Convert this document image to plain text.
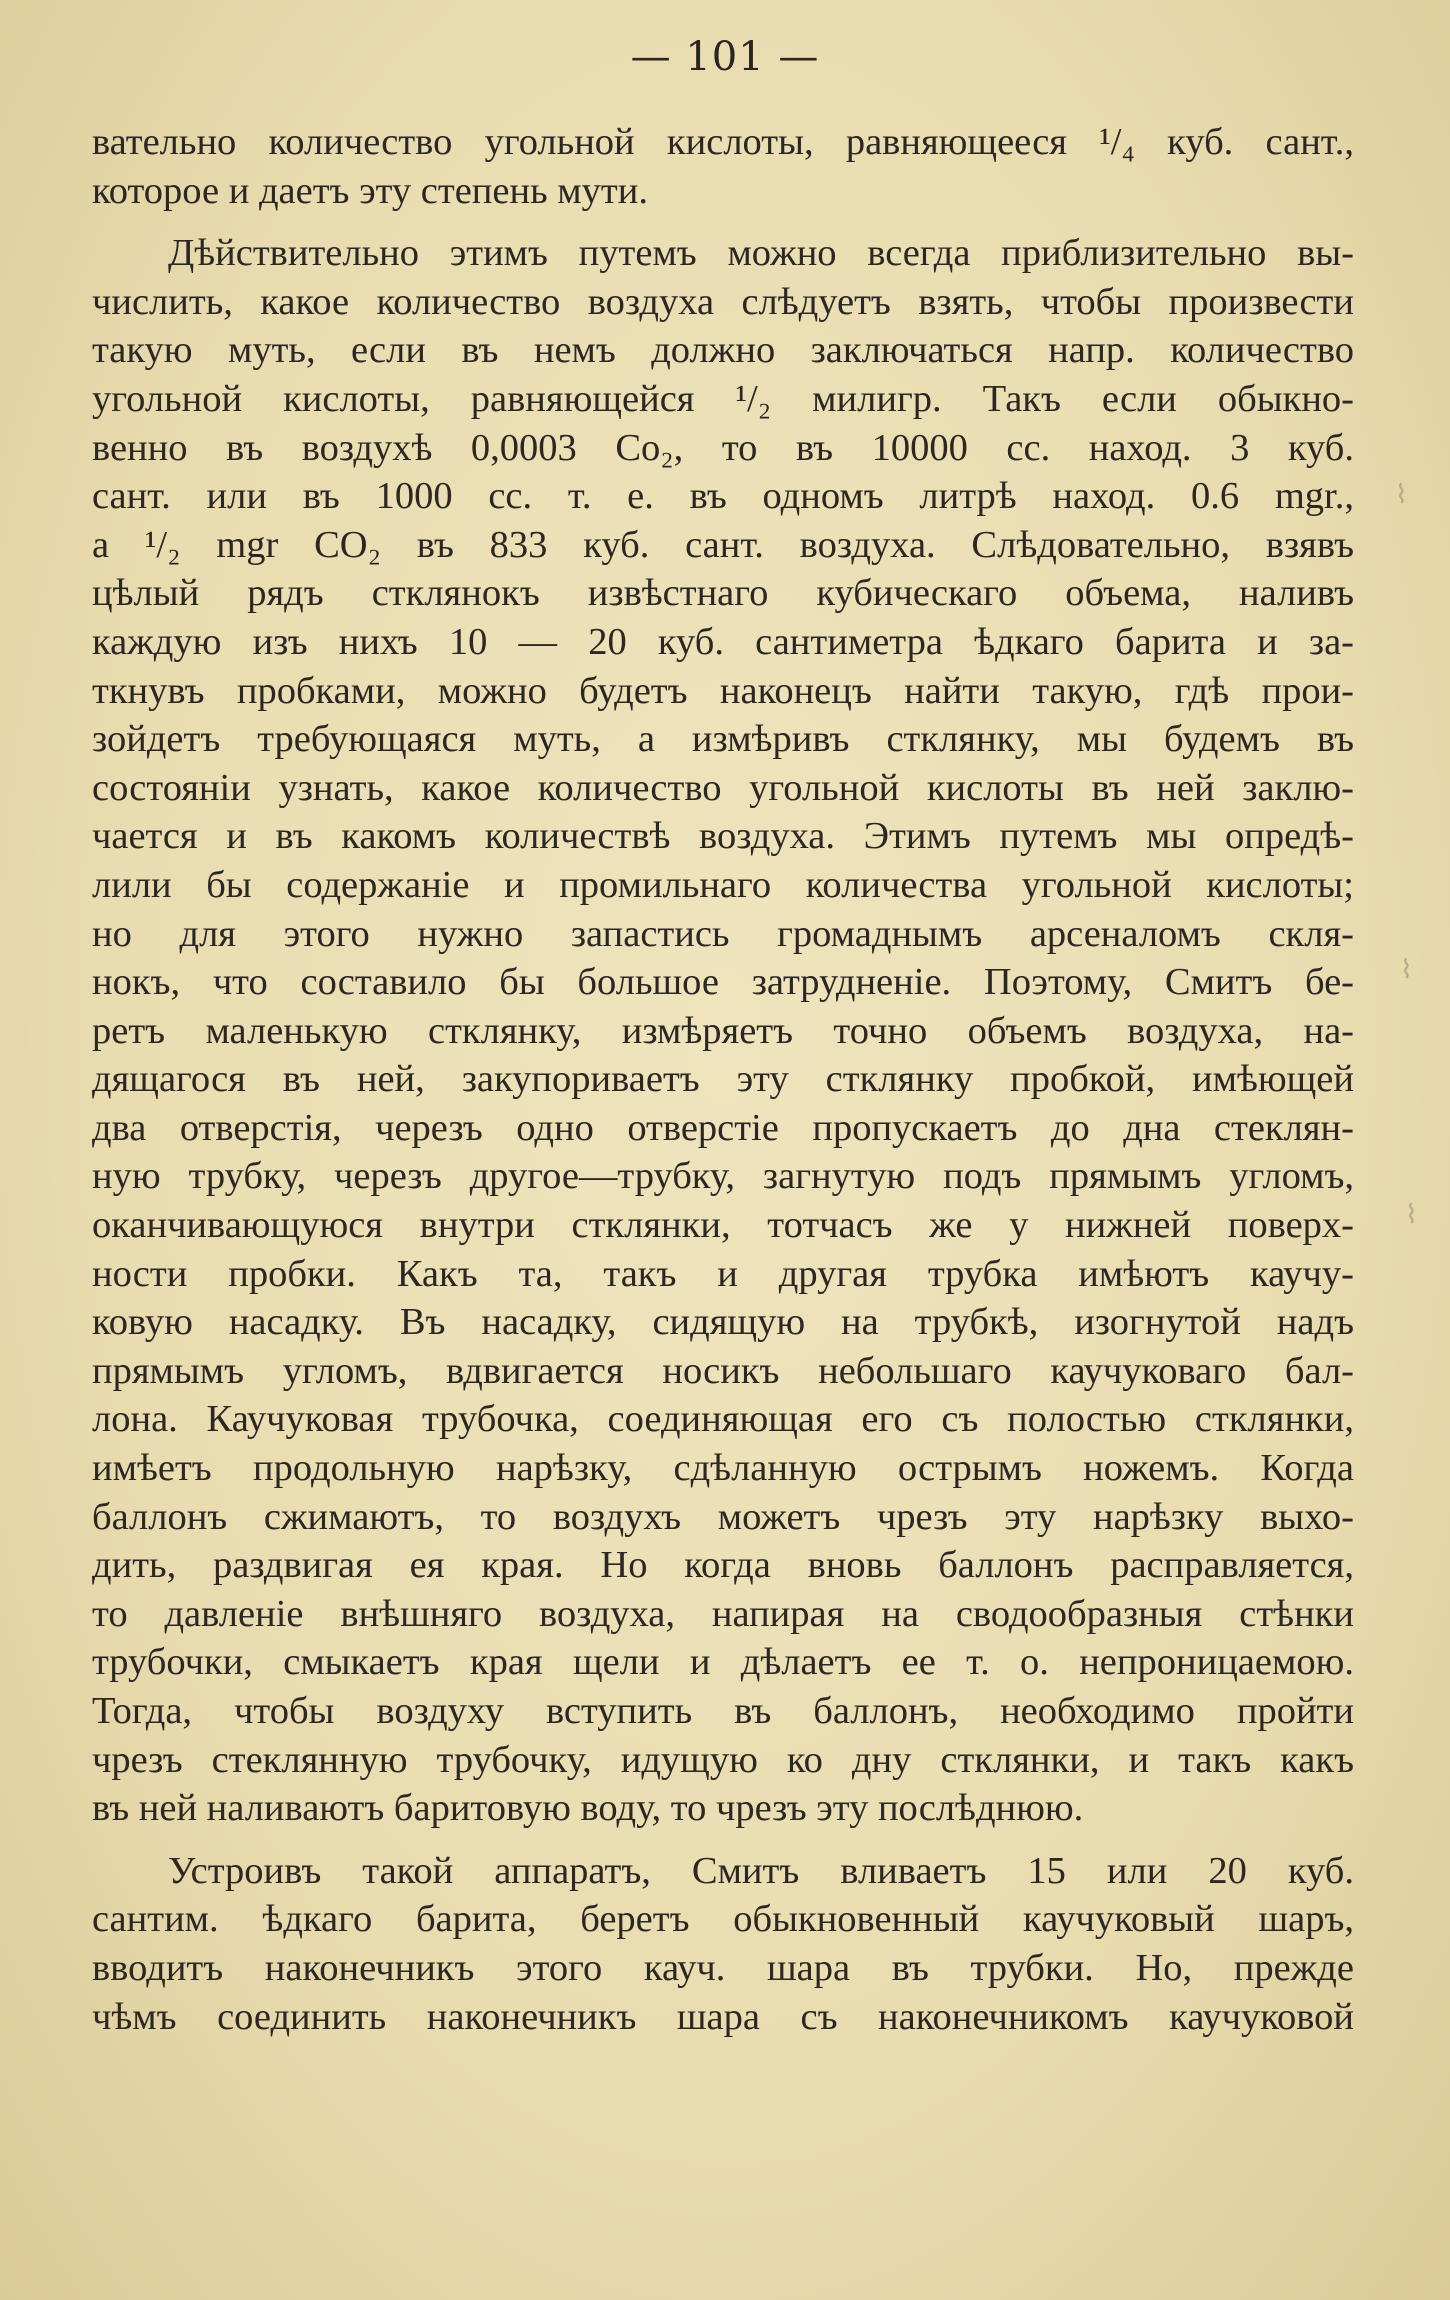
— 101 —
вательно количество угольной кислоты, равняющееся ¹/₄ куб. сант.,
которое и даетъ эту степень мути.
Дѣйствительно этимъ путемъ можно всегда приблизительно вы-
числить, какое количество воздуха слѣдуетъ взять, чтобы произвести
такую муть, если въ немъ должно заключаться напр. количество
угольной кислоты, равняющейся ¹/₂ милигр. Такъ если обыкно-
венно въ воздухѣ 0,0003 Co₂, то въ 10000 cc. наход. 3 куб.
сант. или въ 1000 cc. т. е. въ одномъ литрѣ наход. 0.6 mgr.,
а ¹/₂ mgr CO₂ въ 833 куб. сант. воздуха. Слѣдовательно, взявъ
цѣлый рядъ стклянокъ извѣстнаго кубическаго объема, наливъ
каждую изъ нихъ 10 — 20 куб. сантиметра ѣдкаго барита и за-
ткнувъ пробками, можно будетъ наконецъ найти такую, гдѣ прои-
зойдетъ требующаяся муть, а измѣривъ стклянку, мы будемъ въ
состояніи узнать, какое количество угольной кислоты въ ней заклю-
чается и въ какомъ количествѣ воздуха. Этимъ путемъ мы опредѣ-
лили бы содержаніе и промильнаго количества угольной кислоты;
но для этого нужно запастись громаднымъ арсеналомъ скля-
нокъ, что составило бы большое затрудненіе. Поэтому, Смитъ бе-
ретъ маленькую стклянку, измѣряетъ точно объемъ воздуха, на-
дящагося въ ней, закупориваетъ эту стклянку пробкой, имѣющей
два отверстія, черезъ одно отверстіе пропускаетъ до дна стеклян-
ную трубку, черезъ другое—трубку, загнутую подъ прямымъ угломъ,
оканчивающуюся внутри стклянки, тотчасъ же у нижней поверх-
ности пробки. Какъ та, такъ и другая трубка имѣютъ каучу-
ковую насадку. Въ насадку, сидящую на трубкѣ, изогнутой надъ
прямымъ угломъ, вдвигается носикъ небольшаго каучуковаго бал-
лона. Каучуковая трубочка, соединяющая его съ полостью стклянки,
имѣетъ продольную нарѣзку, сдѣланную острымъ ножемъ. Когда
баллонъ сжимаютъ, то воздухъ можетъ чрезъ эту нарѣзку выхо-
дить, раздвигая ея края. Но когда вновь баллонъ расправляется,
то давленіе внѣшняго воздуха, напирая на сводообразныя стѣнки
трубочки, смыкаетъ края щели и дѣлаетъ ее т. о. непроницаемою.
Тогда, чтобы воздуху вступить въ баллонъ, необходимо пройти
чрезъ стеклянную трубочку, идущую ко дну стклянки, и такъ какъ
въ ней наливаютъ баритовую воду, то чрезъ эту послѣднюю.
Устроивъ такой аппаратъ, Смитъ вливаетъ 15 или 20 куб.
сантим. ѣдкаго барита, беретъ обыкновенный каучуковый шаръ,
вводитъ наконечникъ этого кауч. шара въ трубки. Но, прежде
чѣмъ соединить наконечникъ шара съ наконечникомъ каучуковой
⌇
⌇
⌇
